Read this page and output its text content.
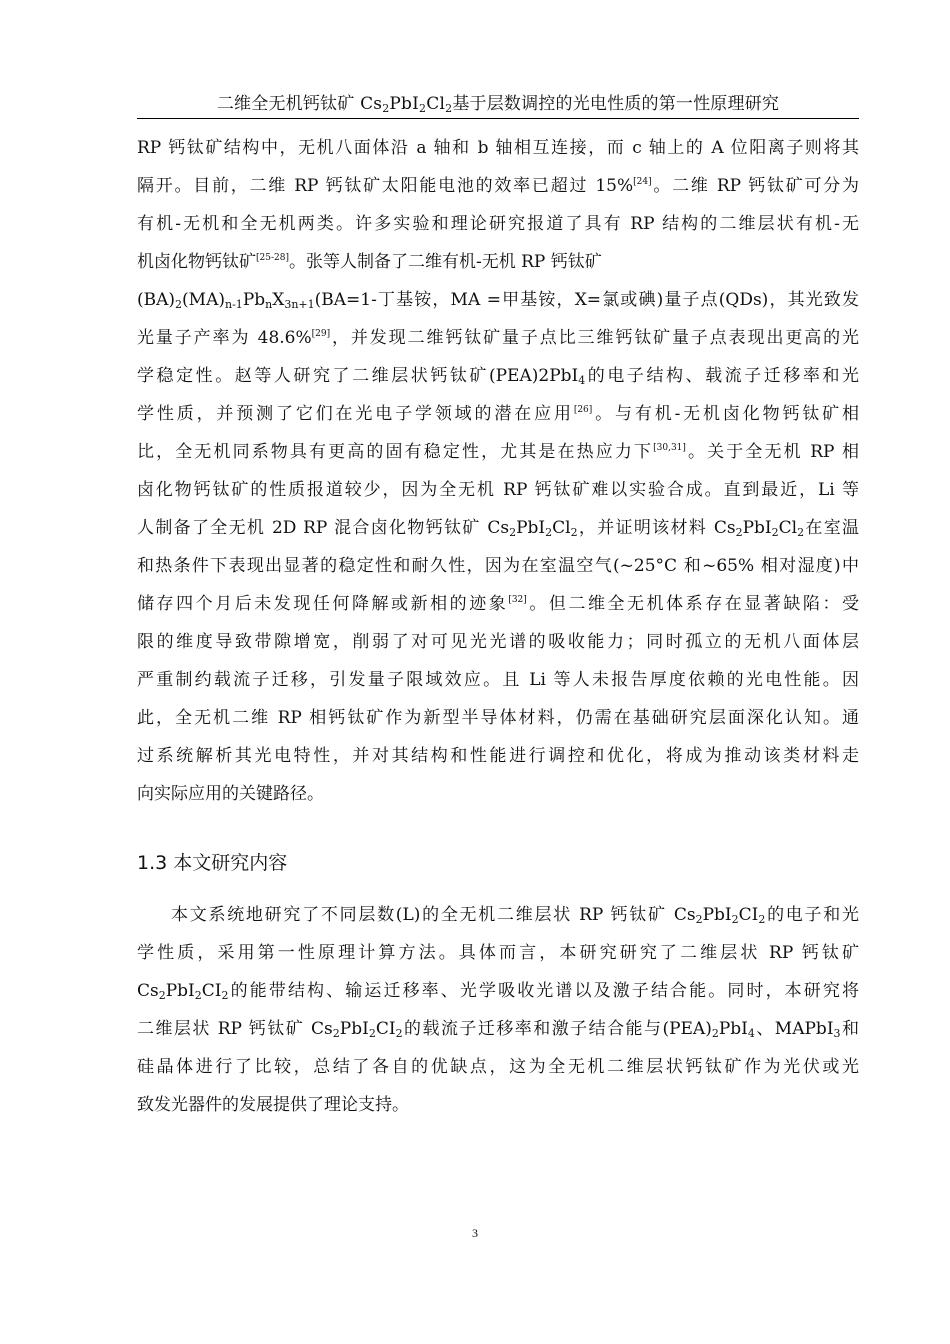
二维全无机钙钛矿 $Cs_2PbI_2Cl_2$基于层数调控的光电性质的第一性原理研究
RP 钙钛矿结构中，无机八面体沿 a 轴和 b 轴相互连接，而 c 轴上的 A 位阳离子则将其
隔开。目前，二维 RP 钙钛矿太阳能电池的效率已超过 15%[24]。二维 RP 钙钛矿可分为
有机-无机和全无机两类。许多实验和理论研究报道了具有 RP 结构的二维层状有机-无
机卤化物钙钛矿[25-28]。张等人制备了二维有机-无机 RP 钙钛矿
$(BA)_2(MA)_{n-1}Pb_nX_{3n+1}(BA=1-$丁基铵，MA =甲基铵，X=氯或碘)量子点(QDs)，其光致发
光量子产率为 48.6%[29]，并发现二维钙钛矿量子点比三维钙钛矿量子点表现出更高的光
学稳定性。赵等人研究了二维层状钙钛矿(PEA)2PbI$_4$的电子结构、载流子迁移率和光
学性质，并预测了它们在光电子学领域的潜在应用[26]。与有机-无机卤化物钙钛矿相
比，全无机同系物具有更高的固有稳定性，尤其是在热应力下[30,31]。关于全无机 RP 相
卤化物钙钛矿的性质报道较少，因为全无机 RP 钙钛矿难以实验合成。直到最近，Li 等
人制备了全无机 2D RP 混合卤化物钙钛矿 $Cs_2PbI_2Cl_2$，并证明该材料 $Cs_2PbI_2Cl_2$在室温
和热条件下表现出显著的稳定性和耐久性，因为在室温空气(~25°C 和~65% 相对湿度)中
储存四个月后未发现任何降解或新相的迹象[32]。但二维全无机体系存在显著缺陷：受
限的维度导致带隙增宽，削弱了对可见光光谱的吸收能力；同时孤立的无机八面体层
严重制约载流子迁移，引发量子限域效应。且 Li 等人未报告厚度依赖的光电性能。因
此，全无机二维 RP 相钙钛矿作为新型半导体材料，仍需在基础研究层面深化认知。通
过系统解析其光电特性，并对其结构和性能进行调控和优化，将成为推动该类材料走
向实际应用的关键路径。
1.3 本文研究内容
本文系统地研究了不同层数(L)的全无机二维层状 RP 钙钛矿 $Cs_2PbI_2CI_2$的电子和光
学性质，采用第一性原理计算方法。具体而言，本研究研究了二维层状 RP 钙钛矿
$Cs_2PbI_2CI_2$的能带结构、输运迁移率、光学吸收光谱以及激子结合能。同时，本研究将
二维层状 RP 钙钛矿 $Cs_2PbI_2CI_2$的载流子迁移率和激子结合能与$(PEA)_2PbI_4$、MAPbI$_3$和
硅晶体进行了比较，总结了各自的优缺点，这为全无机二维层状钙钛矿作为光伏或光
致发光器件的发展提供了理论支持。
3
